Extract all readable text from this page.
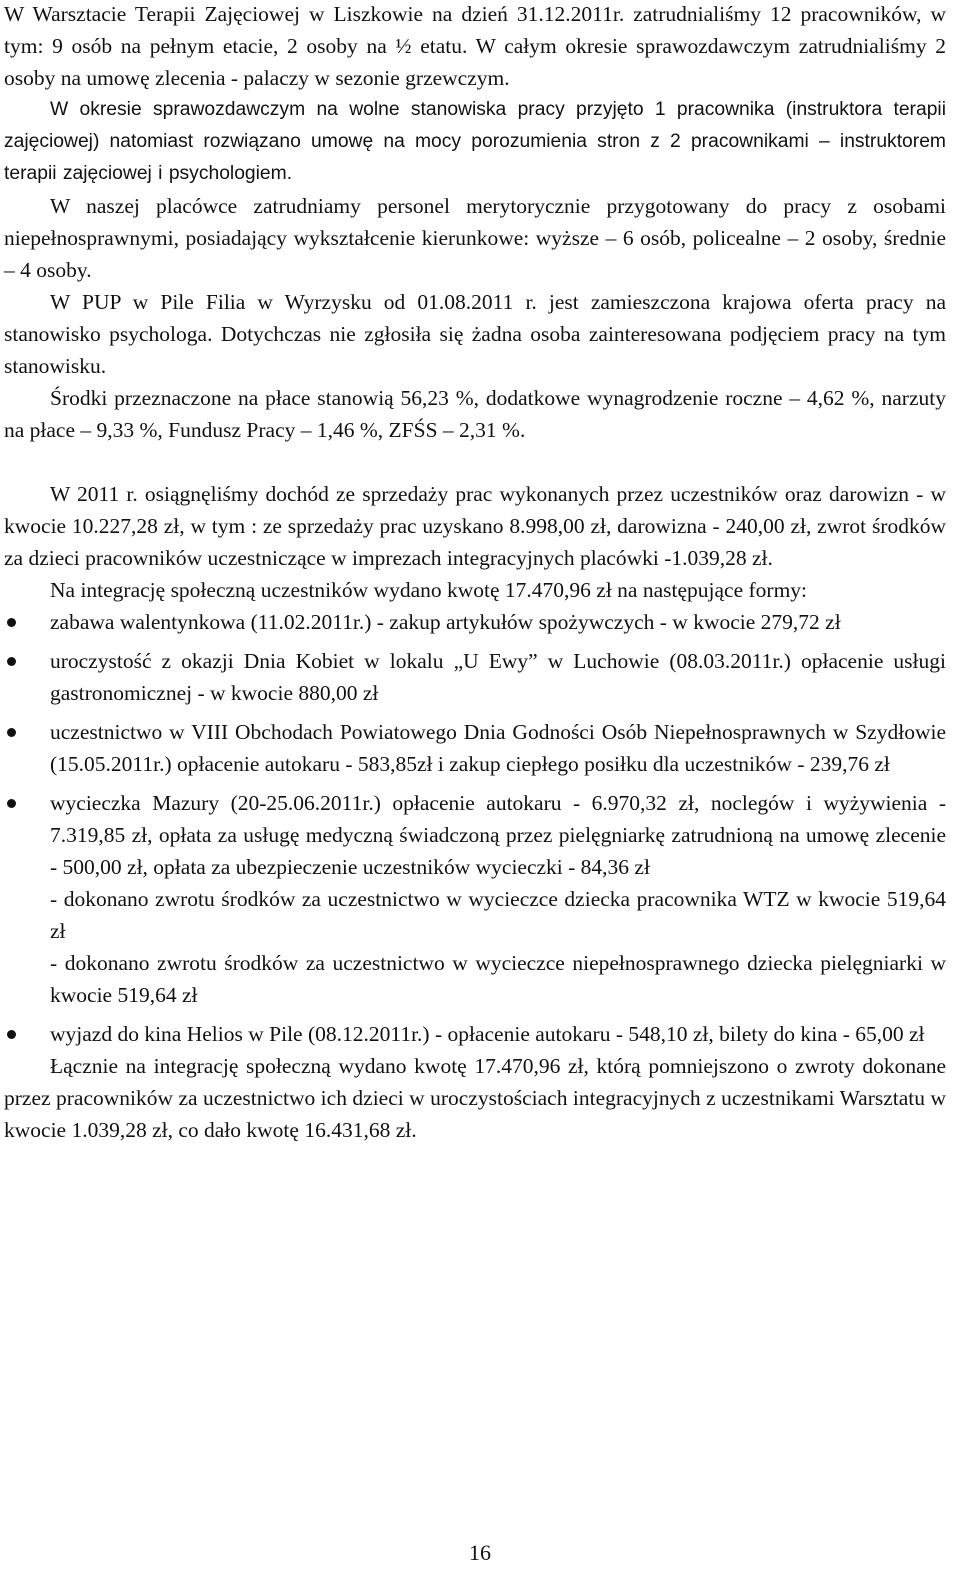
W Warsztacie Terapii Zajęciowej w Liszkowie na dzień 31.12.2011r. zatrudnialiśmy 12 pracowników, w tym: 9 osób na pełnym etacie, 2 osoby na ½ etatu. W całym okresie sprawozdawczym zatrudnialiśmy 2 osoby na umowę zlecenia - palaczy w sezonie grzewczym.

W okresie sprawozdawczym na wolne stanowiska pracy przyjęto 1 pracownika (instruktora terapii zajęciowej) natomiast rozwiązano umowę na mocy porozumienia stron z 2 pracownikami – instruktorem terapii zajęciowej i psychologiem.

W naszej placówce zatrudniamy personel merytorycznie przygotowany do pracy z osobami niepełnosprawnymi, posiadający wykształcenie kierunkowe: wyższe – 6 osób, policealne – 2 osoby, średnie – 4 osoby.

W PUP w Pile Filia w Wyrzysku od 01.08.2011 r. jest zamieszczona krajowa oferta pracy na stanowisko psychologa. Dotychczas nie zgłosiła się żadna osoba zainteresowana podjęciem pracy na tym stanowisku.

Środki przeznaczone na płace stanowią 56,23 %, dodatkowe wynagrodzenie roczne – 4,62 %, narzuty na płace – 9,33 %, Fundusz Pracy – 1,46 %, ZFŚS – 2,31 %.

W 2011 r. osiągnęliśmy dochód ze sprzedaży prac wykonanych przez uczestników oraz darowizn - w kwocie 10.227,28 zł, w tym : ze sprzedaży prac uzyskano 8.998,00 zł, darowizna - 240,00 zł, zwrot środków za dzieci pracowników uczestniczące w imprezach integracyjnych placówki -1.039,28 zł.

Na integrację społeczną uczestników wydano kwotę 17.470,96 zł na następujące formy:

zabawa walentynkowa (11.02.2011r.) - zakup artykułów spożywczych - w kwocie 279,72 zł
uroczystość z okazji Dnia Kobiet w lokalu „U Ewy” w Luchowie (08.03.2011r.) opłacenie usługi gastronomicznej - w kwocie 880,00 zł
uczestnictwo w VIII Obchodach Powiatowego Dnia Godności Osób Niepełnosprawnych w Szydłowie (15.05.2011r.) opłacenie autokaru - 583,85zł i zakup ciepłego posiłku dla uczestników - 239,76 zł
wycieczka Mazury (20-25.06.2011r.) opłacenie autokaru - 6.970,32 zł, noclegów i wyżywienia - 7.319,85 zł, opłata za usługę medyczną świadczoną przez pielęgniarkę zatrudnioną na umowę zlecenie - 500,00 zł, opłata za ubezpieczenie uczestników wycieczki - 84,36 zł
- dokonano zwrotu środków za uczestnictwo w wycieczce dziecka pracownika WTZ w kwocie 519,64 zł
- dokonano zwrotu środków za uczestnictwo w wycieczce niepełnosprawnego dziecka pielęgniarki w kwocie 519,64 zł
wyjazd do kina Helios w Pile (08.12.2011r.) - opłacenie autokaru - 548,10 zł, bilety do kina - 65,00 zł

Łącznie na integrację społeczną wydano kwotę 17.470,96 zł, którą pomniejszono o zwroty dokonane przez pracowników za uczestnictwo ich dzieci w uroczystościach integracyjnych z uczestnikami Warsztatu w kwocie 1.039,28 zł, co dało kwotę 16.431,68 zł.

16
